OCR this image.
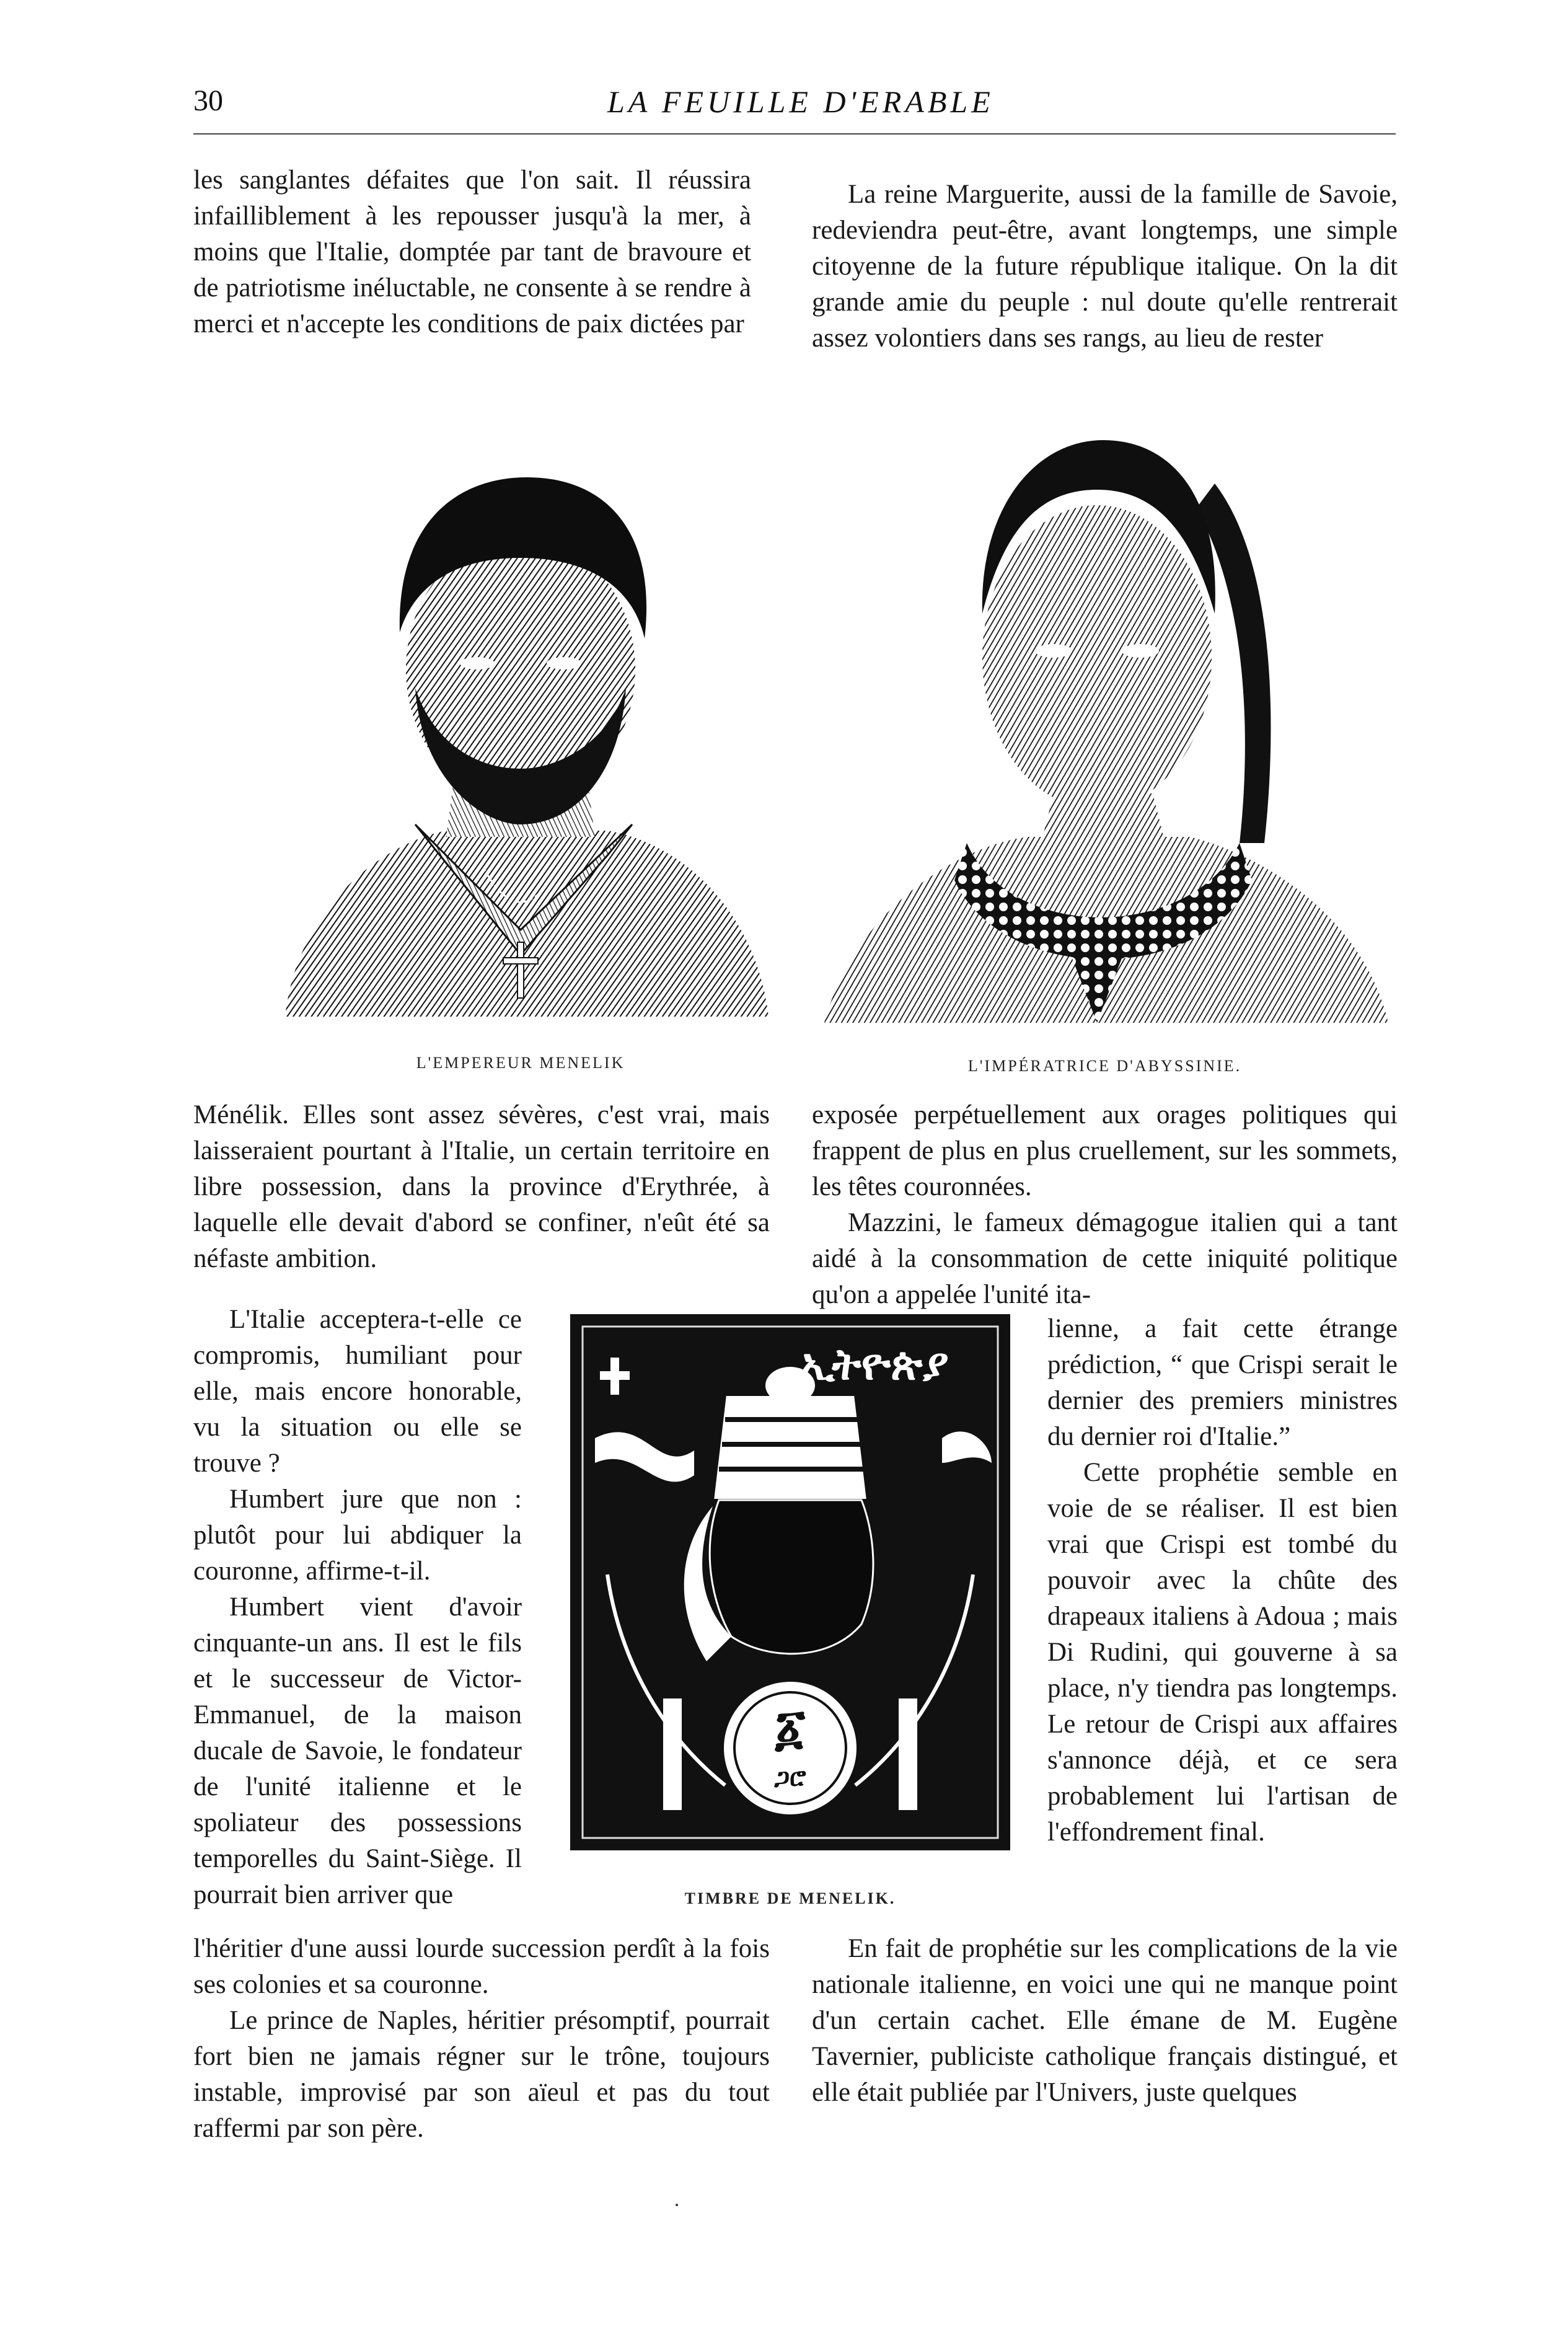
30	LA FEUILLE D'ERABLE

les sanglantes défaites que l'on sait. Il réussira infailliblement à les repousser jusqu'à la mer, à moins que l'Italie, domptée par tant de bravoure et de patriotisme inéluctable, ne consente à se rendre à merci et n'accepte les conditions de paix dictées par

La reine Marguerite, aussi de la famille de Savoie, redeviendra peut-être, avant longtemps, une simple citoyenne de la future république italique. On la dit grande amie du peuple : nul doute qu'elle rentrerait assez volontiers dans ses rangs, au lieu de rester

L'EMPEREUR MENELIK	L'IMPÉRATRICE D'ABYSSINIE.

Ménélik. Elles sont assez sévères, c'est vrai, mais laisseraient pourtant à l'Italie, un certain territoire en libre possession, dans la province d'Erythrée, à laquelle elle devait d'abord se confiner, n'eût été sa néfaste ambition.

L'Italie acceptera-t-elle ce compromis, humiliant pour elle, mais encore honorable, vu la situation ou elle se trouve ?

Humbert jure que non : plutôt pour lui abdiquer la couronne, affirme-t-il.

Humbert vient d'avoir cinquante-un ans. Il est le fils et le successeur de Victor-Emmanuel, de la maison ducale de Savoie, le fondateur de l'unité italienne et le spoliateur des possessions temporelles du Saint-Siège. Il pourrait bien arriver que

l'héritier d'une aussi lourde succession perdît à la fois ses colonies et sa couronne.

Le prince de Naples, héritier présomptif, pourrait fort bien ne jamais régner sur le trône, toujours instable, improvisé par son aïeul et pas du tout raffermi par son père.

ኢትዮጵያ
፩
ጋሮ
TIMBRE DE MENELIK.

exposée perpétuellement aux orages politiques qui frappent de plus en plus cruellement, sur les sommets, les têtes couronnées.

Mazzini, le fameux démagogue italien qui a tant aidé à la consommation de cette iniquité politique qu'on a appelée l'unité ita-

lienne, a fait cette étrange prédiction, “ que Crispi serait le dernier des premiers ministres du dernier roi d'Italie.”

Cette prophétie semble en voie de se réaliser. Il est bien vrai que Crispi est tombé du pouvoir avec la chûte des drapeaux italiens à Adoua ; mais Di Rudini, qui gouverne à sa place, n'y tiendra pas longtemps. Le retour de Crispi aux affaires s'annonce déjà, et ce sera probablement lui l'artisan de l'effondrement final.

En fait de prophétie sur les complications de la vie nationale italienne, en voici une qui ne manque point d'un certain cachet. Elle émane de M. Eugène Tavernier, publiciste catholique français distingué, et elle était publiée par l'Univers, juste quelques
